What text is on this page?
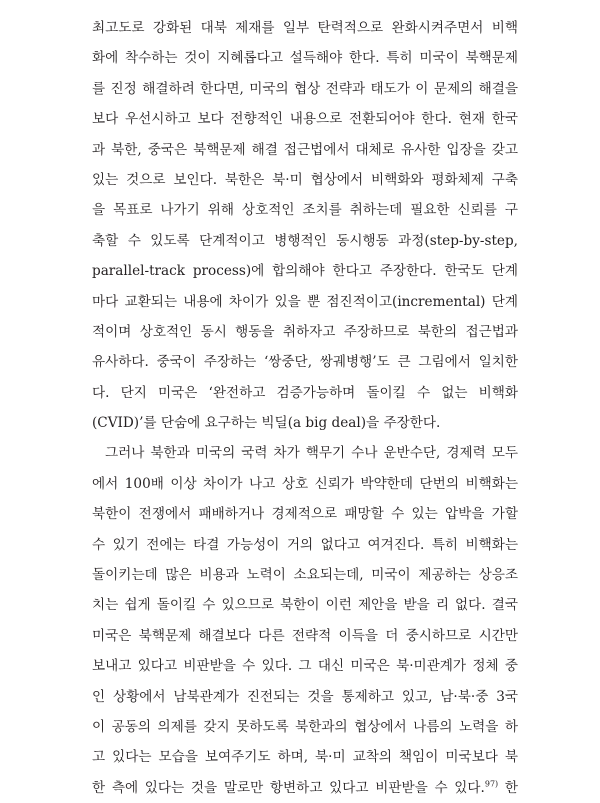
최고도로 강화된 대북 제재를 일부 탄력적으로 완화시켜주면서 비핵
화에 착수하는 것이 지혜롭다고 설득해야 한다. 특히 미국이 북핵문제
를 진정 해결하려 한다면, 미국의 협상 전략과 태도가 이 문제의 해결을
보다 우선시하고 보다 전향적인 내용으로 전환되어야 한다. 현재 한국
과 북한, 중국은 북핵문제 해결 접근법에서 대체로 유사한 입장을 갖고
있는 것으로 보인다. 북한은 북·미 협상에서 비핵화와 평화체제 구축
을 목표로 나가기 위해 상호적인 조치를 취하는데 필요한 신뢰를 구
축할 수 있도록 단계적이고 병행적인 동시행동 과정(step-by-step,
parallel-track process)에 합의해야 한다고 주장한다. 한국도 단계
마다 교환되는 내용에 차이가 있을 뿐 점진적이고(incremental) 단계
적이며 상호적인 동시 행동을 취하자고 주장하므로 북한의 접근법과
유사하다. 중국이 주장하는 ‘쌍중단, 쌍궤병행’도 큰 그림에서 일치한
다. 단지 미국은 ‘완전하고 검증가능하며 돌이킬 수 없는 비핵화
(CVID)’를 단숨에 요구하는 빅딜(a big deal)을 주장한다.
그러나 북한과 미국의 국력 차가 핵무기 수나 운반수단, 경제력 모두
에서 100배 이상 차이가 나고 상호 신뢰가 박약한데 단번의 비핵화는
북한이 전쟁에서 패배하거나 경제적으로 패망할 수 있는 압박을 가할
수 있기 전에는 타결 가능성이 거의 없다고 여겨진다. 특히 비핵화는
돌이키는데 많은 비용과 노력이 소요되는데, 미국이 제공하는 상응조
치는 쉽게 돌이킬 수 있으므로 북한이 이런 제안을 받을 리 없다. 결국
미국은 북핵문제 해결보다 다른 전략적 이득을 더 중시하므로 시간만
보내고 있다고 비판받을 수 있다. 그 대신 미국은 북·미관계가 정체 중
인 상황에서 남북관계가 진전되는 것을 통제하고 있고, 남·북·중 3국
이 공동의 의제를 갖지 못하도록 북한과의 협상에서 나름의 노력을 하
고 있다는 모습을 보여주기도 하며, 북·미 교착의 책임이 미국보다 북
한 측에 있다는 것을 말로만 항변하고 있다고 비판받을 수 있다.$^{97)}$ 한
